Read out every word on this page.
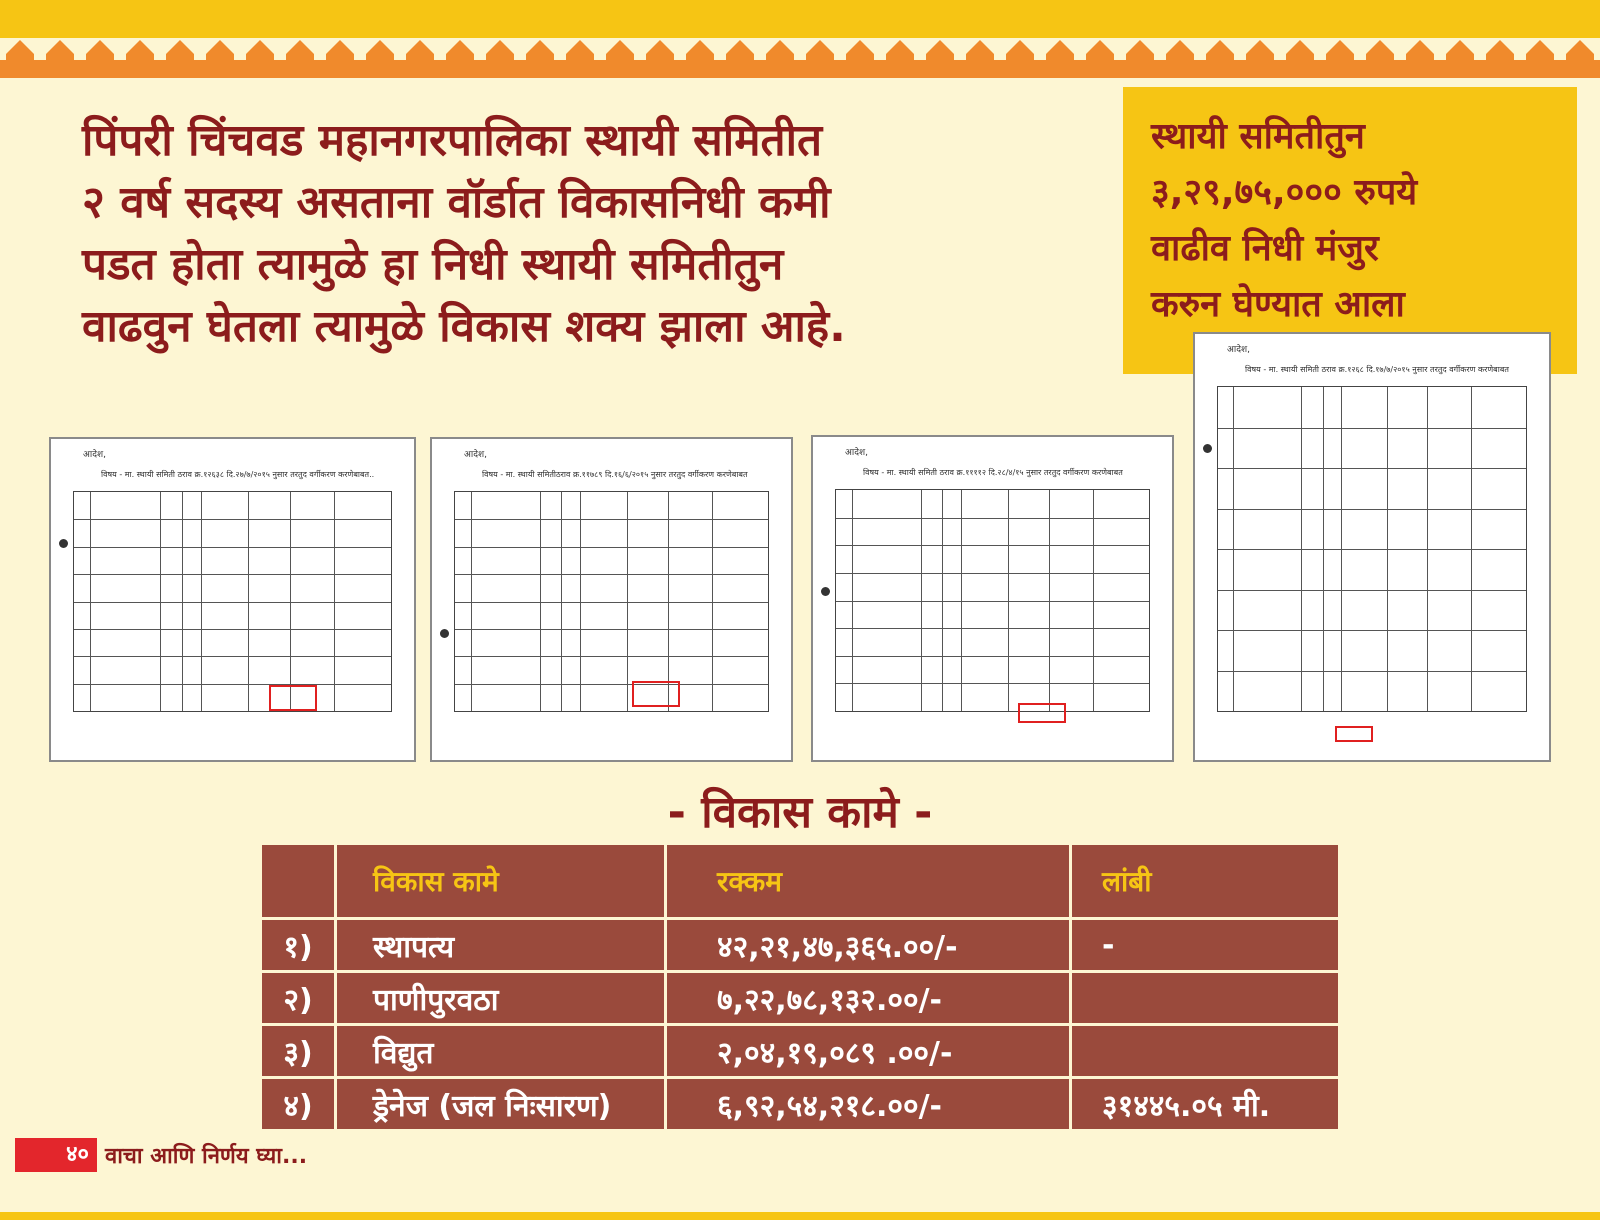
पिंपरी चिंचवड महानगरपालिका स्थायी समितीत
२ वर्ष सदस्य असताना वॉर्डात विकासनिधी कमी
पडत होता त्यामुळे हा निधी स्थायी समितीतुन
वाढवुन घेतला त्यामुळे विकास शक्य झाला आहे.
स्थायी समितीतुन
३,२९,७५,००० रुपये
वाढीव निधी मंजुर
करुन घेण्यात आला
आदेश,
विषय - मा. स्थायी समिती ठराव क्र.१२६३८ दि.२७/७/२०१५ नुसार तरतुद वर्गीकरण करणेबाबत..
आदेश,
विषय - मा. स्थायी समितीठराव क्र.११७८९ दि.१६/६/२०१५ नुसार तरतुद वर्गीकरण करणेबाबत
आदेश,
विषय - मा. स्थायी समिती ठराव क्र.११११२ दि.२८/४/१५ नुसार तरतुद वर्गीकरण करणेबाबत
आदेश,
विषय - मा. स्थायी समिती ठराव क्र.१२६८ दि.१७/७/२०१५ नुसार तरतुद वर्गीकरण करणेबाबत
- विकास कामे -
	विकास कामे	रक्कम	लांबी
१)	स्थापत्य	४२,२१,४७,३६५.००/-	-
२)	पाणीपुरवठा	७,२२,७८,१३२.००/-	
३)	विद्युत	२,०४,१९,०८९ .००/-	
४)	ड्रेनेज (जल निःसारण)	६,९२,५४,२१८.००/-	३१४४५.०५ मी.
४० वाचा आणि निर्णय घ्या...
